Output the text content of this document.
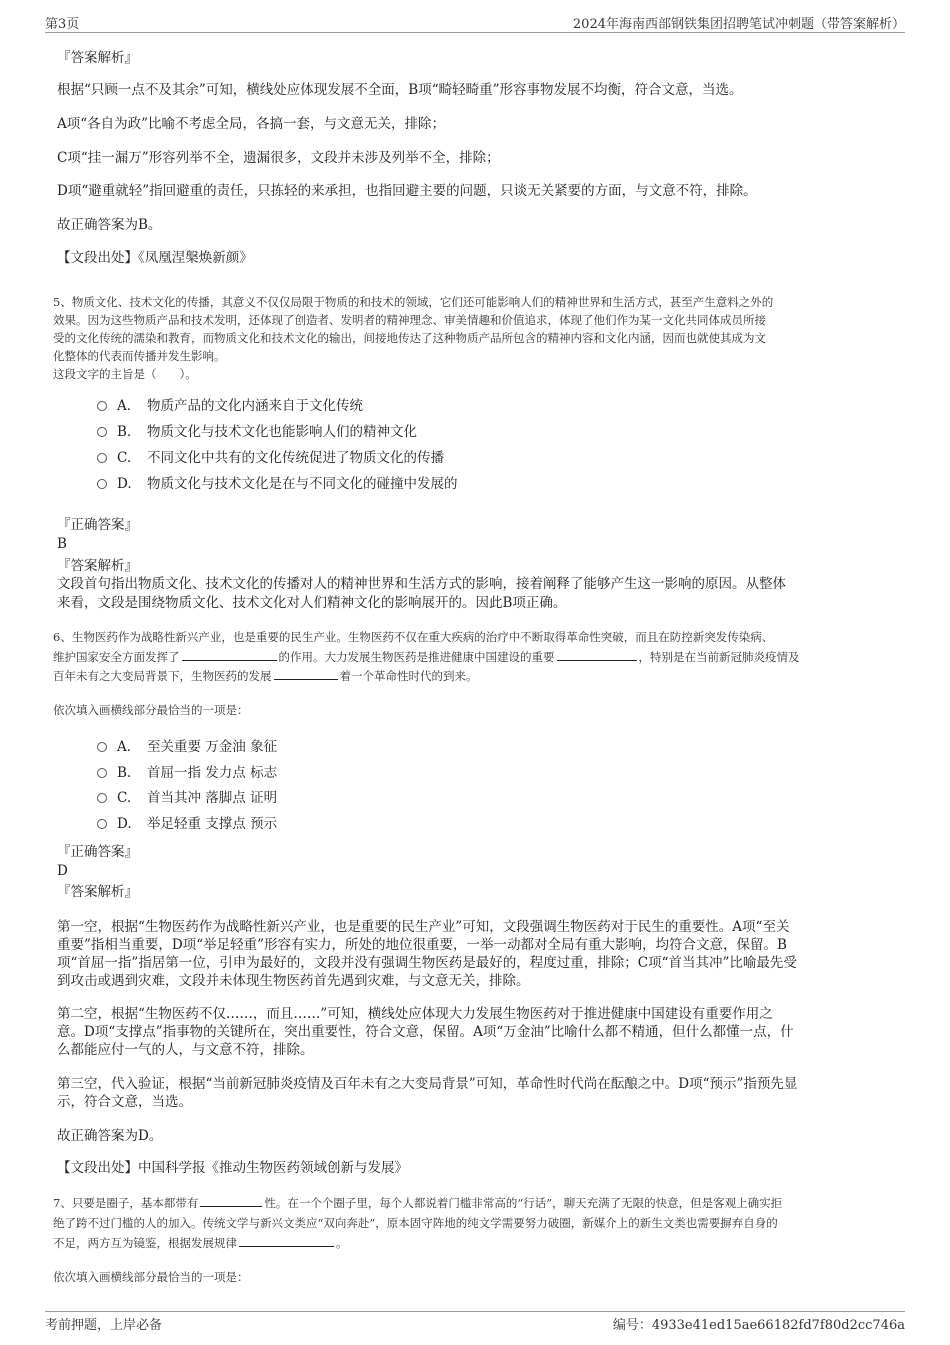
第3页	2024年海南西部钢铁集团招聘笔试冲刺题（带答案解析）
『答案解析』
根据“只顾一点不及其余”可知，横线处应体现发展不全面，B项“畸轻畸重”形容事物发展不均衡，符合文意，当选。
A项“各自为政”比喻不考虑全局，各搞一套，与文意无关，排除；
C项“挂一漏万”形容列举不全，遗漏很多，文段并未涉及列举不全，排除；
D项“避重就轻”指回避重的责任，只拣轻的来承担，也指回避主要的问题，只谈无关紧要的方面，与文意不符，排除。
故正确答案为B。
【文段出处】《凤凰涅槃焕新颜》
5、物质文化、技术文化的传播，其意义不仅仅局限于物质的和技术的领域，它们还可能影响人们的精神世界和生活方式，甚至产生意料之外的
效果。因为这些物质产品和技术发明，还体现了创造者、发明者的精神理念、审美情趣和价值追求，体现了他们作为某一文化共同体成员所接
受的文化传统的濡染和教育，而物质文化和技术文化的输出，间接地传达了这种物质产品所包含的精神内容和文化内涵，因而也就使其成为文
化整体的代表而传播并发生影响。
这段文字的主旨是（　　）。
A． 物质产品的文化内涵来自于文化传统
B. 物质文化与技术文化也能影响人们的精神文化
C. 不同文化中共有的文化传统促进了物质文化的传播
D. 物质文化与技术文化是在与不同文化的碰撞中发展的
『正确答案』
B
『答案解析』
文段首句指出物质文化、技术文化的传播对人的精神世界和生活方式的影响，接着阐释了能够产生这一影响的原因。从整体
来看，文段是围绕物质文化、技术文化对人们精神文化的影响展开的。因此B项正确。
6、生物医药作为战略性新兴产业，也是重要的民生产业。生物医药不仅在重大疾病的治疗中不断取得革命性突破，而且在防控新突发传染病、
维护国家安全方面发挥了	的作用。大力发展生物医药是推进健康中国建设的重要	，特别是在当前新冠肺炎疫情及
百年未有之大变局背景下，生物医药的发展	着一个革命性时代的到来。
依次填入画横线部分最恰当的一项是：
A． 至关重要 万金油 象征
B. 首屈一指 发力点 标志
C. 首当其冲 落脚点 证明
D. 举足轻重 支撑点 预示
『正确答案』
D
『答案解析』
第一空，根据“生物医药作为战略性新兴产业，也是重要的民生产业”可知，文段强调生物医药对于民生的重要性。A项“至关
重要”指相当重要，D项“举足轻重”形容有实力，所处的地位很重要，一举一动都对全局有重大影响，均符合文意，保留。B
项“首屈一指”指居第一位，引申为最好的，文段并没有强调生物医药是最好的，程度过重，排除；C项“首当其冲”比喻最先受
到攻击或遇到灾难，文段并未体现生物医药首先遇到灾难，与文意无关，排除。
第二空，根据“生物医药不仅……，而且……”可知，横线处应体现大力发展生物医药对于推进健康中国建设有重要作用之
意。D项“支撑点”指事物的关键所在，突出重要性，符合文意，保留。A项“万金油”比喻什么都不精通，但什么都懂一点，什
么都能应付一气的人，与文意不符，排除。
第三空，代入验证，根据“当前新冠肺炎疫情及百年未有之大变局背景”可知，革命性时代尚在酝酿之中。D项“预示”指预先显
示，符合文意，当选。
故正确答案为D。
【文段出处】中国科学报《推动生物医药领域创新与发展》
7、只要是圈子，基本都带有	性。在一个个圈子里，每个人都说着门槛非常高的“行话”，聊天充满了无限的快意，但是客观上确实拒
绝了跨不过门槛的人的加入。传统文学与新兴文类应“双向奔赴”，原本固守阵地的纯文学需要努力破圈，新媒介上的新生文类也需要摒弃自身的
不足，两方互为镜鉴，根据发展规律	。
依次填入画横线部分最恰当的一项是：
考前押题，上岸必备	编号：4933e41ed15ae66182fd7f80d2cc746a
